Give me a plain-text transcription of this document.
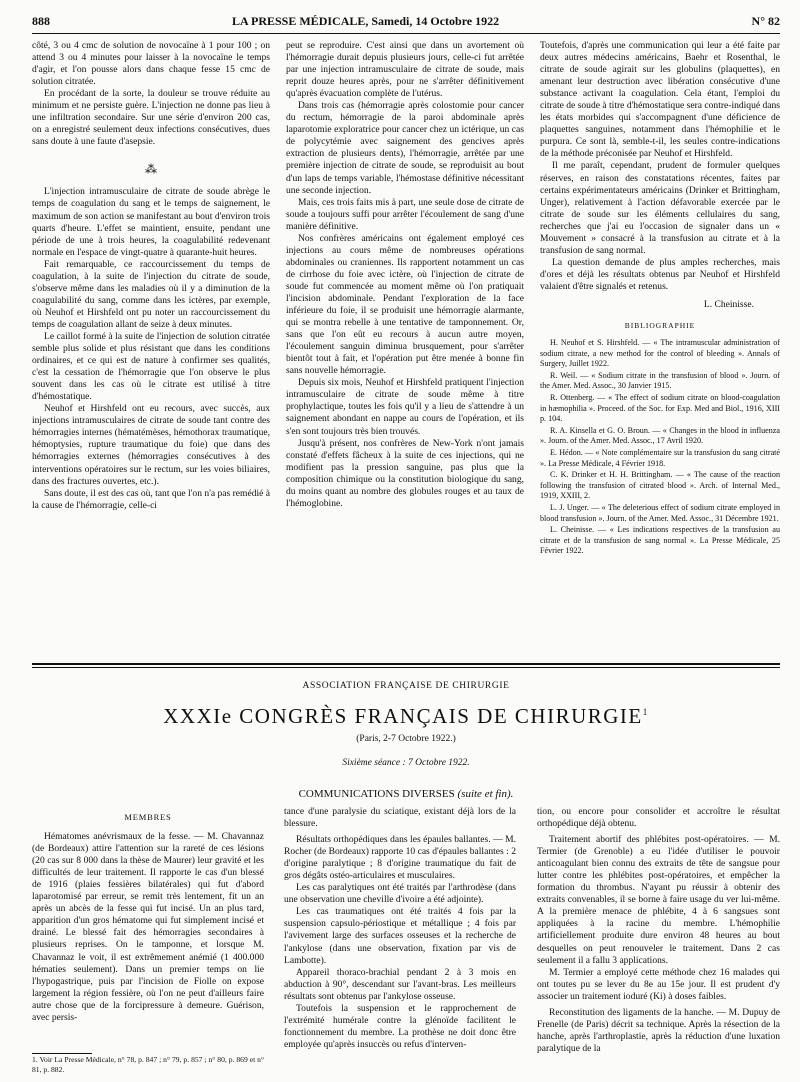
888	LA PRESSE MÉDICALE, Samedi, 14 Octobre 1922	N° 82

côté, 3 ou 4 cmc de solution de novocaïne à 1 pour 100 ; on attend 3 ou 4 minutes pour laisser à la novocaïne le temps d'agir, et l'on pousse alors dans chaque fesse 15 cmc de solution citratée.

En procédant de la sorte, la douleur se trouve réduite au minimum et ne persiste guère. L'injection ne donne pas lieu à une infiltration secondaire. Sur une série d'environ 200 cas, on a enregistré seulement deux infections consécutives, dues sans doute à une faute d'asepsie.

⁂

L'injection intramusculaire de citrate de soude abrège le temps de coagulation du sang et le temps de saignement, le maximum de son action se manifestant au bout d'environ trois quarts d'heure. L'effet se maintient, ensuite, pendant une période de une à trois heures, la coagulabilité redevenant normale en l'espace de vingt-quatre à quarante-huit heures.

Fait remarquable, ce raccourcissement du temps de coagulation, à la suite de l'injection du citrate de soude, s'observe même dans les maladies où il y a diminution de la coagulabilité du sang, comme dans les ictères, par exemple, où Neuhof et Hirshfeld ont pu noter un raccourcissement du temps de coagulation allant de seize à deux minutes.

Le caillot formé à la suite de l'injection de solution citratée semble plus solide et plus résistant que dans les conditions ordinaires, et ce qui est de nature à confirmer ses qualités, c'est la cessation de l'hémorragie que l'on observe le plus souvent dans les cas où le citrate est utilisé à titre d'hémostatique.

Neuhof et Hirshfeld ont eu recours, avec succès, aux injections intramusculaires de citrate de soude tant contre des hémorragies internes (hématémèses, hémothorax traumatique, hémoptysies, rupture traumatique du foie) que dans des hémorragies externes (hémorragies consécutives à des interventions opératoires sur le rectum, sur les voies biliaires, dans des fractures ouvertes, etc.).

Sans doute, il est des cas où, tant que l'on n'a pas remédié à la cause de l'hémorragie, celle-ci

peut se reproduire. C'est ainsi que dans un avortement où l'hémorragie durait depuis plusieurs jours, celle-ci fut arrêtée par une injection intramusculaire de citrate de soude, mais reprit douze heures après, pour ne s'arrêter définitivement qu'après évacuation complète de l'utérus.

Dans trois cas (hémorragie après colostomie pour cancer du rectum, hémorragie de la paroi abdominale après laparotomie exploratrice pour cancer chez un ictérique, un cas de polycytémie avec saignement des gencives après extraction de plusieurs dents), l'hémorragie, arrêtée par une première injection de citrate de soude, se reproduisit au bout d'un laps de temps variable, l'hémostase définitive nécessitant une seconde injection.

Mais, ces trois faits mis à part, une seule dose de citrate de soude a toujours suffi pour arrêter l'écoulement de sang d'une manière définitive.

Nos confrères américains ont également employé ces injections au cours même de nombreuses opérations abdominales ou craniennes. Ils rapportent notamment un cas de cirrhose du foie avec ictère, où l'injection de citrate de soude fut commencée au moment même où l'on pratiquait l'incision abdominale. Pendant l'exploration de la face inférieure du foie, il se produisit une hémorragie alarmante, qui se montra rebelle à une tentative de tamponnement. Or, sans que l'on eût eu recours à aucun autre moyen, l'écoulement sanguin diminua brusquement, pour s'arrêter bientôt tout à fait, et l'opération put être menée à bonne fin sans nouvelle hémorragie.

Depuis six mois, Neuhof et Hirshfeld pratiquent l'injection intramusculaire de citrate de soude même à titre prophylactique, toutes les fois qu'il y a lieu de s'attendre à un saignement abondant en nappe au cours de l'opération, et ils s'en sont toujours très bien trouvés.

Jusqu'à présent, nos confrères de New-York n'ont jamais constaté d'effets fâcheux à la suite de ces injections, qui ne modifient pas la pression sanguine, pas plus que la composition chimique ou la constitution biologique du sang, du moins quant au nombre des globules rouges et au taux de l'hémoglobine.

Toutefois, d'après une communication qui leur a été faite par deux autres médecins américains, Baehr et Rosenthal, le citrate de soude agirait sur les globulins (plaquettes), en amenant leur destruction avec libération consécutive d'une substance activant la coagulation. Cela étant, l'emploi du citrate de soude à titre d'hémostatique sera contre-indiqué dans les états morbides qui s'accompagnent d'une déficience de plaquettes sanguines, notamment dans l'hémophilie et le purpura. Ce sont là, semble-t-il, les seules contre-indications de la méthode préconisée par Neuhof et Hirshfeld.

Il me paraît, cependant, prudent de formuler quelques réserves, en raison des constatations récentes, faites par certains expérimentateurs américains (Drinker et Brittingham, Unger), relativement à l'action défavorable exercée par le citrate de soude sur les éléments cellulaires du sang, recherches que j'ai eu l'occasion de signaler dans un « Mouvement » consacré à la transfusion au citrate et à la transfusion de sang normal.

La question demande de plus amples recherches, mais d'ores et déjà les résultats obtenus par Neuhof et Hirshfeld valaient d'être signalés et retenus.

L. Cheinisse.
BIBLIOGRAPHIE

H. Neuhof et S. Hirshfeld. — « The intramuscular administration of sodium citrate, a new method for the control of bleeding ». Annals of Surgery, Juillet 1922.

R. Weil. — « Sodium citrate in the transfusion of blood ». Journ. of the Amer. Med. Assoc., 30 Janvier 1915.

R. Ottenberg. — « The effect of sodium citrate on blood-coagulation in hæmophilia ». Proceed. of the Soc. for Exp. Med and Biol., 1916, XIII p. 104.

R. A. Kinsella et G. O. Broun. — « Changes in the blood in influenza ». Journ. of the Amer. Med. Assoc., 17 Avril 1920.

E. Hédon. — « Note complémentaire sur la transfusion du sang citraté ». La Presse Médicale, 4 Février 1918.

C. K. Drinker et H. H. Brittingham. — « The cause of the reaction following the transfusion of citrated blood ». Arch. of Internal Med., 1919, XXIII, 2.

L. J. Unger. — « The deleterious effect of sodium citrate employed in blood transfusion ». Journ. of the Amer. Med. Assoc., 31 Décembre 1921.

L. Cheinisse. — « Les indications respectives de la transfusion au citrate et de la transfusion de sang normal ». La Presse Médicale, 25 Février 1922.

ASSOCIATION FRANÇAISE DE CHIRURGIE
XXXIe CONGRÈS FRANÇAIS DE CHIRURGIE$^1$
(Paris, 2-7 Octobre 1922.)
Sixième séance : 7 Octobre 1922.
COMMUNICATIONS DIVERSES (suite et fin).
MEMBRES

Hématomes anévrismaux de la fesse. — M. Chavannaz (de Bordeaux) attire l'attention sur la rareté de ces lésions (20 cas sur 8 000 dans la thèse de Maurer) leur gravité et les difficultés de leur traitement. Il rapporte le cas d'un blessé de 1916 (plaies fessières bilatérales) qui fut d'abord laparotomisé par erreur, se remit très lentement, fit un an après un abcès de la fesse qui fut incisé. Un an plus tard, apparition d'un gros hématome qui fut simplement incisé et drainé. Le blessé fait des hémorragies secondaires à plusieurs reprises. On le tamponne, et lorsque M. Chavannaz le voit, il est extrêmement anémié (1 400.000 hématies seulement). Dans un premier temps on lie l'hypogastrique, puis par l'incision de Fiolle on expose largement la région fessière, où l'on ne peut d'ailleurs faire autre chose que de la forcipressure à demeure. Guérison, avec persis-

tance d'une paralysie du sciatique, existant déjà lors de la blessure.

Résultats orthopédiques dans les épaules ballantes. — M. Rocher (de Bordeaux) rapporte 10 cas d'épaules ballantes : 2 d'origine paralytique ; 8 d'origine traumatique du fait de gros dégâts ostéo-articulaires et musculaires.

Les cas paralytiques ont été traités par l'arthrodèse (dans une observation une cheville d'ivoire a été adjointe).

Les cas traumatiques ont été traités 4 fois par la suspension capsulo-périostique et métallique ; 4 fois par l'avivement large des surfaces osseuses et la recherche de l'ankylose (dans une observation, fixation par vis de Lambotte).

Appareil thoraco-brachial pendant 2 à 3 mois en abduction à 90°, descendant sur l'avant-bras. Les meilleurs résultats sont obtenus par l'ankylose osseuse.

Toutefois la suspension et le rapprochement de l'extrémité humérale contre la glénoïde facilitent le fonctionnement du membre. La prothèse ne doit donc être employée qu'après insuccès ou refus d'interven-

tion, ou encore pour consolider et accroître le résultat orthopédique déjà obtenu.

Traitement abortif des phlébites post-opératoires. — M. Termier (de Grenoble) a eu l'idée d'utiliser le pouvoir anticoagulant bien connu des extraits de tête de sangsue pour lutter contre les phlébites post-opératoires, et empêcher la formation du thrombus. N'ayant pu réussir à obtenir des extraits convenables, il se borne à faire usage du ver lui-même. A la première menace de phlébite, 4 à 6 sangsues sont appliquées à la racine du membre. L'hémophilie artificiellement produite dure environ 48 heures au bout desquelles on peut renouveler le traitement. Dans 2 cas seulement il a fallu 3 applications.

M. Termier a employé cette méthode chez 16 malades qui ont toutes pu se lever du 8e au 15e jour. Il est prudent d'y associer un traitement ioduré (Ki) à doses faibles.

Reconstitution des ligaments de la hanche. — M. Dupuy de Frenelle (de Paris) décrit sa technique. Après la résection de la hanche, après l'arthroplastie, après la réduction d'une luxation paralytique de la

1. Voir La Presse Médicale, n° 78, p. 847 ; n° 79, p. 857 ; n° 80, p. 869 et n° 81, p. 882.
